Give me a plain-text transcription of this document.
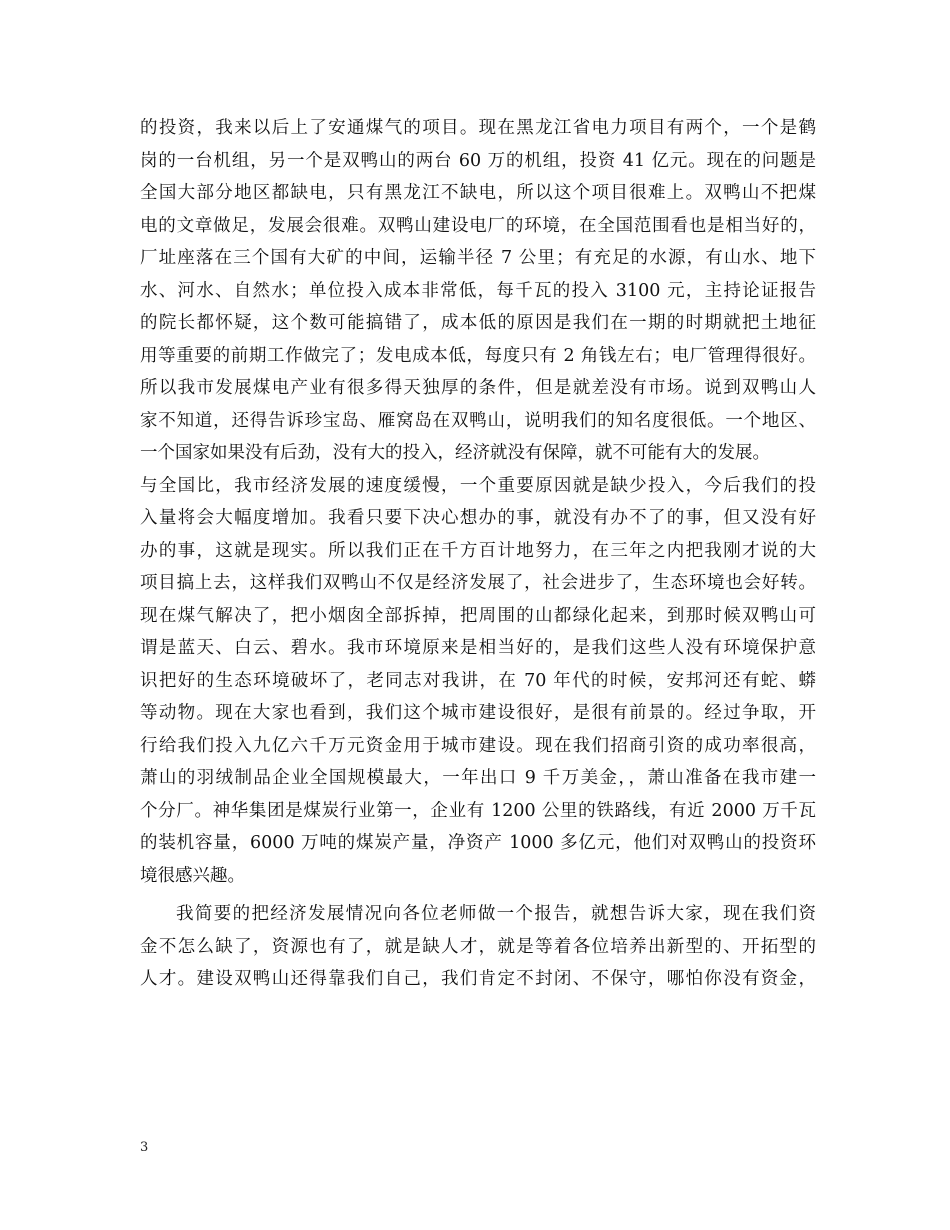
的投资，我来以后上了安通煤气的项目。现在黑龙江省电力项目有两个，一个是鹤
岗的一台机组，另一个是双鸭山的两台 60 万的机组，投资 41 亿元。现在的问题是
全国大部分地区都缺电，只有黑龙江不缺电，所以这个项目很难上。双鸭山不把煤
电的文章做足，发展会很难。双鸭山建设电厂的环境，在全国范围看也是相当好的，
厂址座落在三个国有大矿的中间，运输半径 7 公里；有充足的水源，有山水、地下
水、河水、自然水；单位投入成本非常低，每千瓦的投入 3100 元，主持论证报告
的院长都怀疑，这个数可能搞错了，成本低的原因是我们在一期的时期就把土地征
用等重要的前期工作做完了；发电成本低，每度只有 2 角钱左右；电厂管理得很好。
所以我市发展煤电产业有很多得天独厚的条件，但是就差没有市场。说到双鸭山人
家不知道，还得告诉珍宝岛、雁窝岛在双鸭山，说明我们的知名度很低。一个地区、
一个国家如果没有后劲，没有大的投入，经济就没有保障，就不可能有大的发展。
与全国比，我市经济发展的速度缓慢，一个重要原因就是缺少投入，今后我们的投
入量将会大幅度增加。我看只要下决心想办的事，就没有办不了的事，但又没有好
办的事，这就是现实。所以我们正在千方百计地努力，在三年之内把我刚才说的大
项目搞上去，这样我们双鸭山不仅是经济发展了，社会进步了，生态环境也会好转。
现在煤气解决了，把小烟囱全部拆掉，把周围的山都绿化起来，到那时候双鸭山可
谓是蓝天、白云、碧水。我市环境原来是相当好的，是我们这些人没有环境保护意
识把好的生态环境破坏了，老同志对我讲，在 70 年代的时候，安邦河还有蛇、蟒
等动物。现在大家也看到，我们这个城市建设很好，是很有前景的。经过争取，开
行给我们投入九亿六千万元资金用于城市建设。现在我们招商引资的成功率很高，
萧山的羽绒制品企业全国规模最大，一年出口 9 千万美金，，萧山准备在我市建一
个分厂。神华集团是煤炭行业第一，企业有 1200 公里的铁路线，有近 2000 万千瓦
的装机容量，6000 万吨的煤炭产量，净资产 1000 多亿元，他们对双鸭山的投资环
境很感兴趣。
我简要的把经济发展情况向各位老师做一个报告，就想告诉大家，现在我们资
金不怎么缺了，资源也有了，就是缺人才，就是等着各位培养出新型的、开拓型的
人才。建设双鸭山还得靠我们自己，我们肯定不封闭、不保守，哪怕你没有资金，
3
